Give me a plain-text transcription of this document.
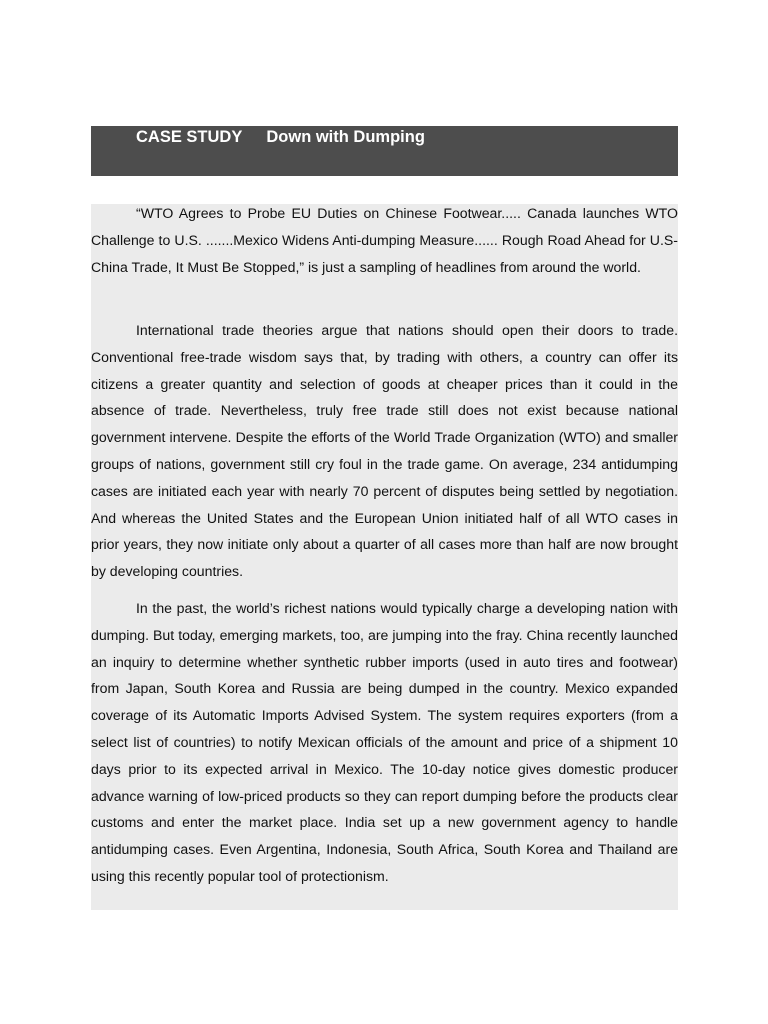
CASE STUDY Down with Dumping

“WTO Agrees to Probe EU Duties on Chinese Footwear..... Canada launches WTO Challenge to U.S. .......Mexico Widens Anti-dumping Measure...... Rough Road Ahead for U.S-China Trade, It Must Be Stopped,” is just a sampling of headlines from around the world.

International trade theories argue that nations should open their doors to trade. Conventional free-trade wisdom says that, by trading with others, a country can offer its citizens a greater quantity and selection of goods at cheaper prices than it could in the absence of trade. Nevertheless, truly free trade still does not exist because national government intervene. Despite the efforts of the World Trade Organization (WTO) and smaller groups of nations, government still cry foul in the trade game. On average, 234 antidumping cases are initiated each year with nearly 70 percent of disputes being settled by negotiation. And whereas the United States and the European Union initiated half of all WTO cases in prior years, they now initiate only about a quarter of all cases more than half are now brought by developing countries.

In the past, the world’s richest nations would typically charge a developing nation with dumping. But today, emerging markets, too, are jumping into the fray. China recently launched an inquiry to determine whether synthetic rubber imports (used in auto tires and footwear) from Japan, South Korea and Russia are being dumped in the country. Mexico expanded coverage of its Automatic Imports Advised System. The system requires exporters (from a select list of countries) to notify Mexican officials of the amount and price of a shipment 10 days prior to its expected arrival in Mexico. The 10-day notice gives domestic producer advance warning of low-priced products so they can report dumping before the products clear customs and enter the market place. India set up a new government agency to handle antidumping cases. Even Argentina, Indonesia, South Africa, South Korea and Thailand are using this recently popular tool of protectionism.
